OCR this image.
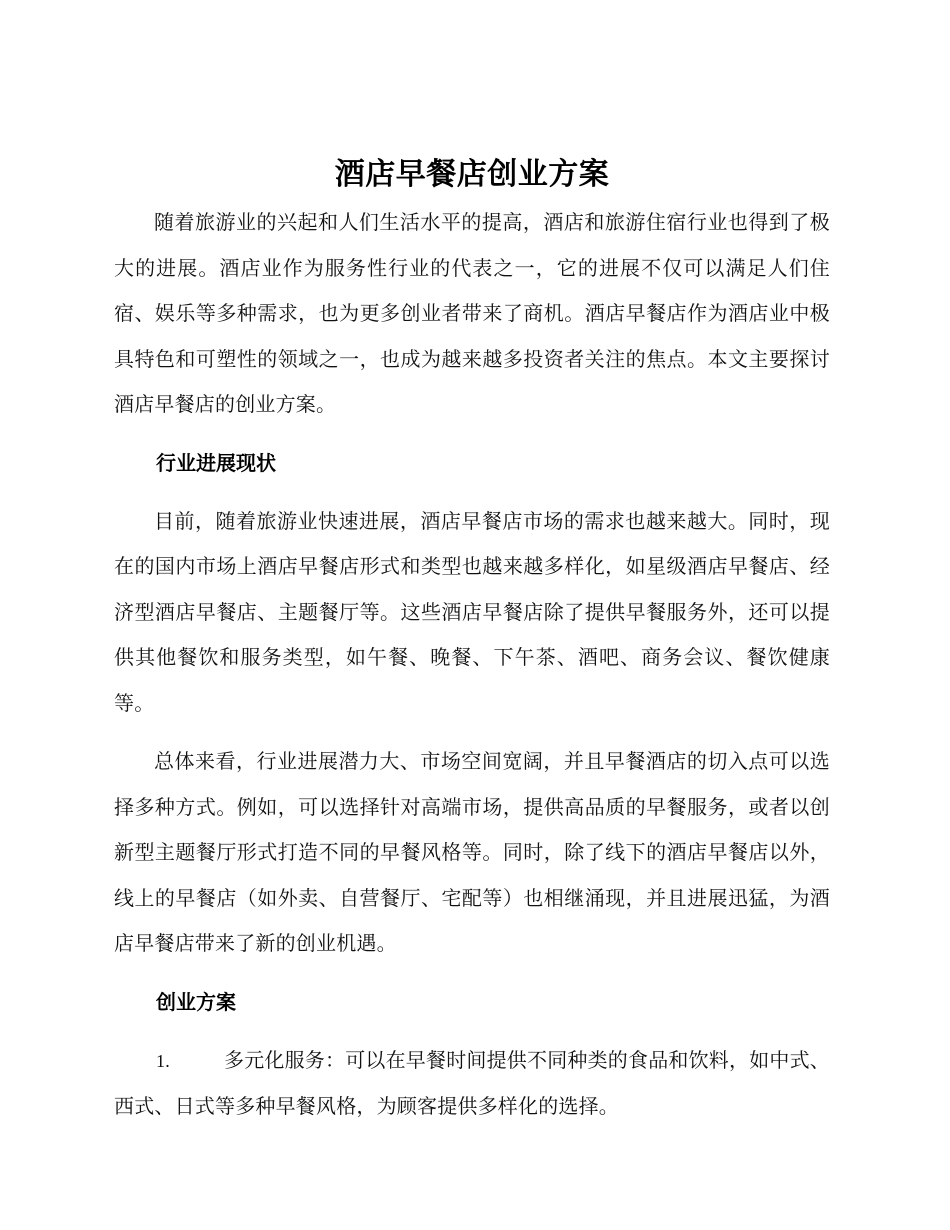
酒店早餐店创业方案

随着旅游业的兴起和人们生活水平的提高，酒店和旅游住宿行业也得到了极大的进展。酒店业作为服务性行业的代表之一，它的进展不仅可以满足人们住宿、娱乐等多种需求，也为更多创业者带来了商机。酒店早餐店作为酒店业中极具特色和可塑性的领域之一，也成为越来越多投资者关注的焦点。本文主要探讨酒店早餐店的创业方案。

行业进展现状

目前，随着旅游业快速进展，酒店早餐店市场的需求也越来越大。同时，现在的国内市场上酒店早餐店形式和类型也越来越多样化，如星级酒店早餐店、经济型酒店早餐店、主题餐厅等。这些酒店早餐店除了提供早餐服务外，还可以提供其他餐饮和服务类型，如午餐、晚餐、下午茶、酒吧、商务会议、餐饮健康等。

总体来看，行业进展潜力大、市场空间宽阔，并且早餐酒店的切入点可以选择多种方式。例如，可以选择针对高端市场，提供高品质的早餐服务，或者以创新型主题餐厅形式打造不同的早餐风格等。同时，除了线下的酒店早餐店以外，线上的早餐店（如外卖、自营餐厅、宅配等）也相继涌现，并且进展迅猛，为酒店早餐店带来了新的创业机遇。

创业方案

1.	多元化服务：可以在早餐时间提供不同种类的食品和饮料，如中式、西式、日式等多种早餐风格，为顾客提供多样化的选择。
